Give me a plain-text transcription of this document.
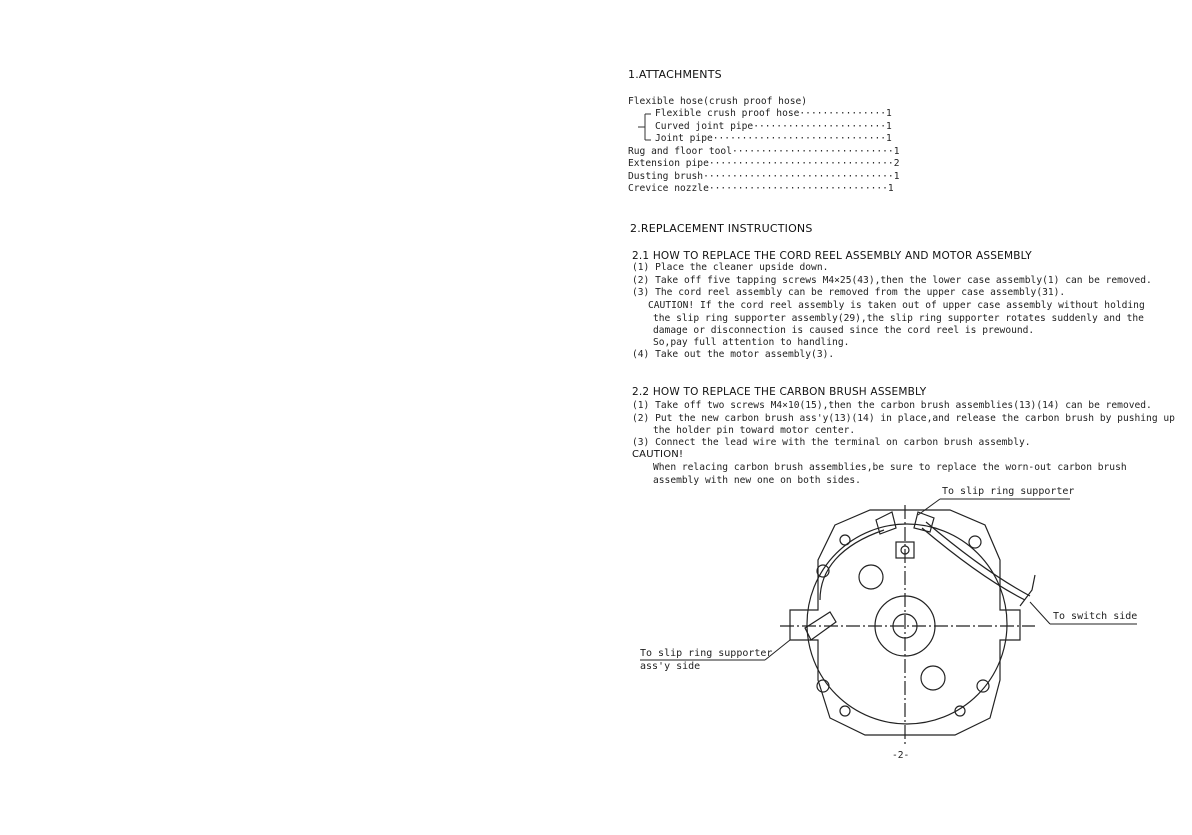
1.ATTACHMENTS
Flexible hose(crush proof hose)
Flexible crush proof hose···············1
Curved joint pipe·······················1
Joint pipe······························1
Rug and floor tool····························1
Extension pipe································2
Dusting brush·································1
Crevice nozzle·······························1
2.REPLACEMENT INSTRUCTIONS
2.1 HOW TO REPLACE THE CORD REEL ASSEMBLY AND MOTOR ASSEMBLY
(1) Place the cleaner upside down.
(2) Take off five tapping screws M4×25(43),then the lower case assembly(1) can be removed.
(3) The cord reel assembly can be removed from the upper case assembly(31).
CAUTION! If the cord reel assembly is taken out of upper case assembly without holding
the slip ring supporter assembly(29),the slip ring supporter rotates suddenly and the
damage or disconnection is caused since the cord reel is prewound.
So,pay full attention to handling.
(4) Take out the motor assembly(3).
2.2 HOW TO REPLACE THE CARBON BRUSH ASSEMBLY
(1) Take off two screws M4×10(15),then the carbon brush assemblies(13)(14) can be removed.
(2) Put the new carbon brush ass'y(13)(14) in place,and release the carbon brush by pushing up
the holder pin toward motor center.
(3) Connect the lead wire with the terminal on carbon brush assembly.
CAUTION!
When relacing carbon brush assemblies,be sure to replace the worn-out carbon brush
assembly with new one on both sides.
To slip ring supporter
To switch side
To slip ring supporter
ass'y side
-2-
